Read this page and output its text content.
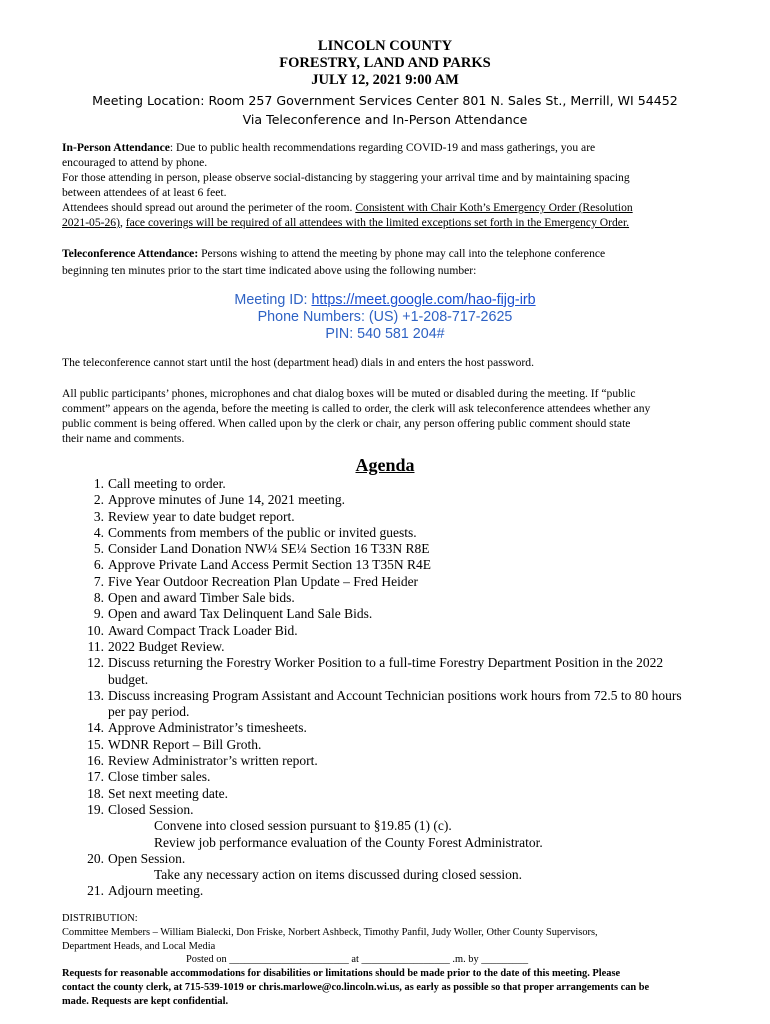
LINCOLN COUNTY
FORESTRY, LAND AND PARKS
JULY 12, 2021 9:00 AM
Meeting Location: Room 257 Government Services Center 801 N. Sales St., Merrill, WI 54452
Via Teleconference and In-Person Attendance
In-Person Attendance: Due to public health recommendations regarding COVID-19 and mass gatherings, you are
encouraged to attend by phone.
For those attending in person, please observe social-distancing by staggering your arrival time and by maintaining spacing
between attendees of at least 6 feet.
Attendees should spread out around the perimeter of the room. Consistent with Chair Koth’s Emergency Order (Resolution
2021-05-26), face coverings will be required of all attendees with the limited exceptions set forth in the Emergency Order.
Teleconference Attendance: Persons wishing to attend the meeting by phone may call into the telephone conference
beginning ten minutes prior to the start time indicated above using the following number:
Meeting ID: https://meet.google.com/hao-fijg-irb
Phone Numbers: (US) +1-208-717-2625
PIN: 540 581 204#
The teleconference cannot start until the host (department head) dials in and enters the host password.
All public participants’ phones, microphones and chat dialog boxes will be muted or disabled during the meeting. If “public
comment” appears on the agenda, before the meeting is called to order, the clerk will ask teleconference attendees whether any
public comment is being offered. When called upon by the clerk or chair, any person offering public comment should state
their name and comments.
Agenda
1. Call meeting to order.
2. Approve minutes of June 14, 2021 meeting.
3. Review year to date budget report.
4. Comments from members of the public or invited guests.
5. Consider Land Donation NW¼ SE¼ Section 16 T33N R8E
6. Approve Private Land Access Permit Section 13 T35N R4E
7. Five Year Outdoor Recreation Plan Update – Fred Heider
8. Open and award Timber Sale bids.
9. Open and award Tax Delinquent Land Sale Bids.
10. Award Compact Track Loader Bid.
11. 2022 Budget Review.
12. Discuss returning the Forestry Worker Position to a full-time Forestry Department Position in the 2022
budget.
13. Discuss increasing Program Assistant and Account Technician positions work hours from 72.5 to 80 hours
per pay period.
14. Approve Administrator’s timesheets.
15. WDNR Report – Bill Groth.
16. Review Administrator’s written report.
17. Close timber sales.
18. Set next meeting date.
19. Closed Session.
Convene into closed session pursuant to §19.85 (1) (c).
Review job performance evaluation of the County Forest Administrator.
20. Open Session.
Take any necessary action on items discussed during closed session.
21. Adjourn meeting.
DISTRIBUTION:
Committee Members – William Bialecki, Don Friske, Norbert Ashbeck, Timothy Panfil, Judy Woller, Other County Supervisors,
Department Heads, and Local Media
Posted on _______________________ at _________________ .m. by _________
Requests for reasonable accommodations for disabilities or limitations should be made prior to the date of this meeting. Please
contact the county clerk, at 715-539-1019 or chris.marlowe@co.lincoln.wi.us, as early as possible so that proper arrangements can be
made. Requests are kept confidential.
